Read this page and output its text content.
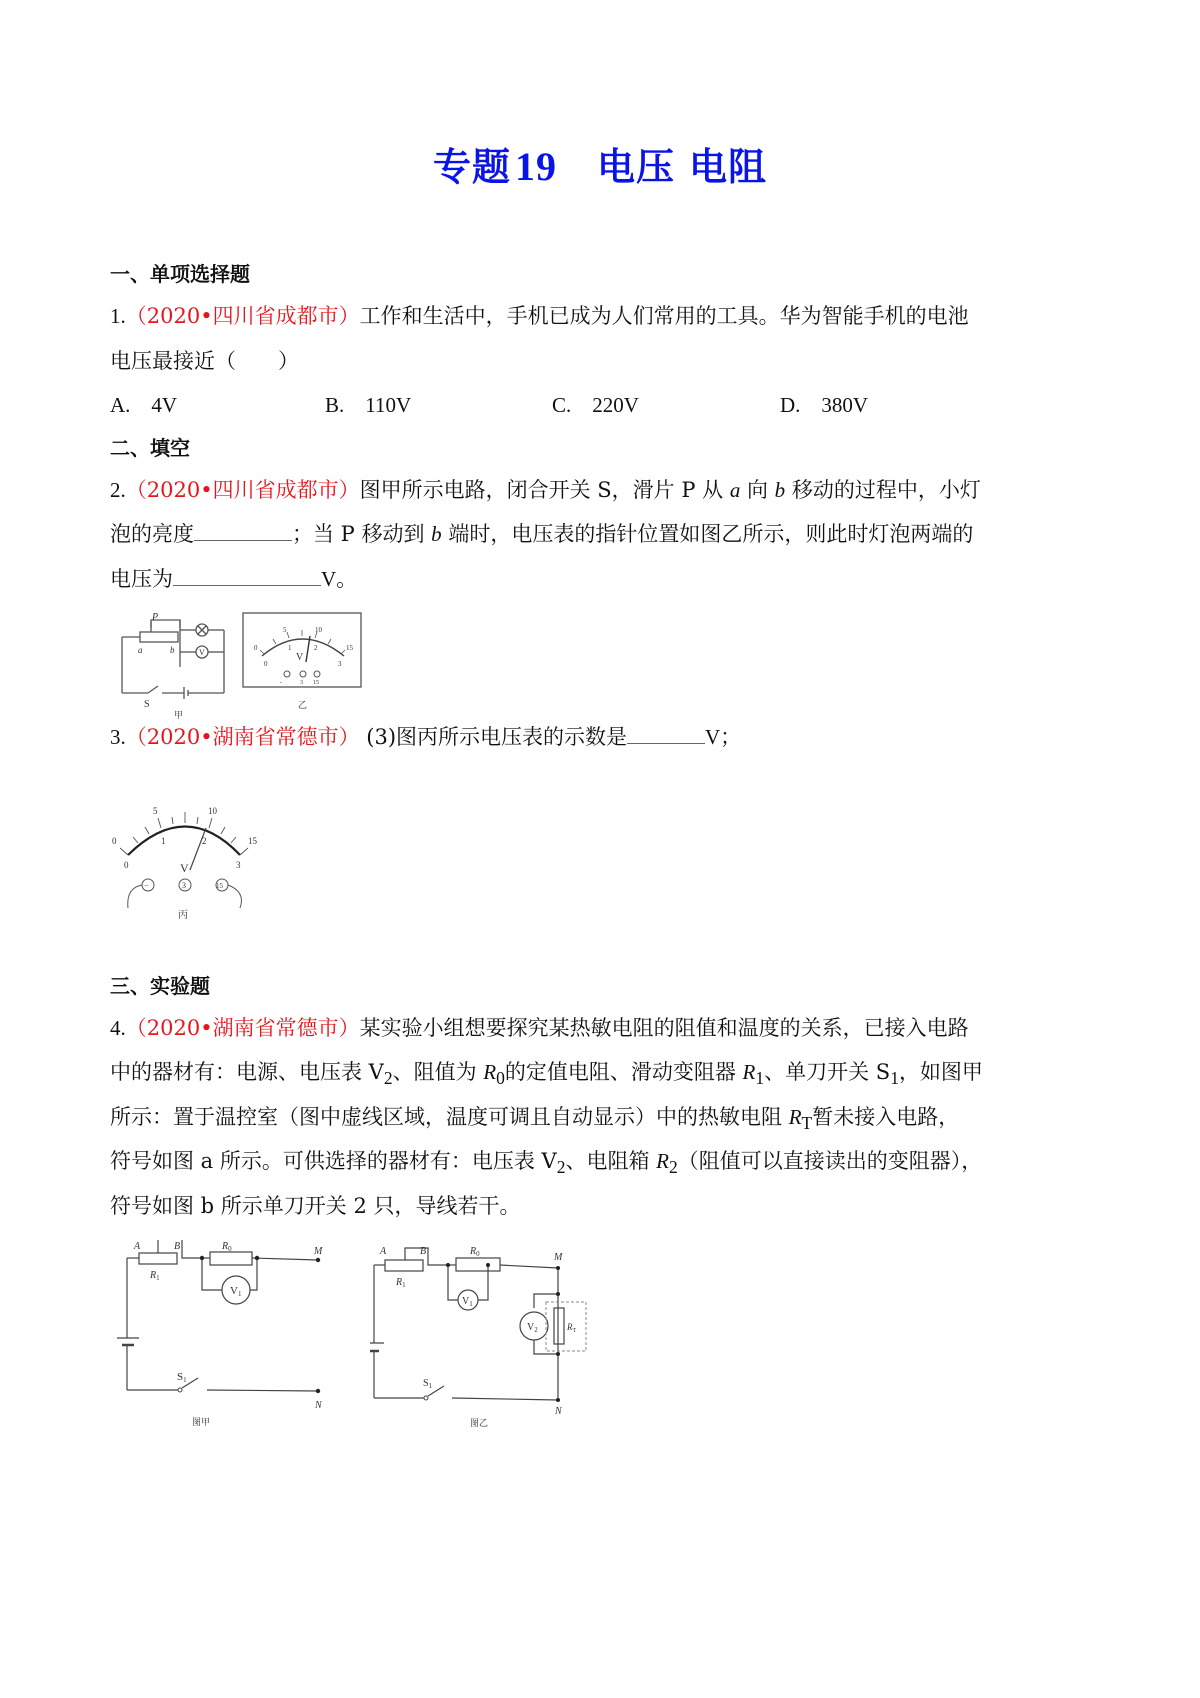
专题 19 电压 电阻
一、单项选择题
1.（2020•四川省成都市）工作和生活中，手机已成为人们常用的工具。华为智能手机的电池
电压最接近（　　）
A.　4V	B.　110V	C.　220V	D.　380V
二、填空
2.（2020•四川省成都市）图甲所示电路，闭合开关 S，滑片 P 从 a 向 b 移动的过程中，小灯
泡的亮度	；当 P 移动到 b 端时，电压表的指针位置如图乙所示，则此时灯泡两端的
电压为	V。
P
a	b
S
V
甲
0
5	10
15
0
1	2
3
V
-	3 15
乙
3.（2020•湖南省常德市） (3)图丙所示电压表的示数是	V；
0
5	10
15
0
1	2
3
V
−	3	15
丙
三、实验题
4.（2020•湖南省常德市）某实验小组想要探究某热敏电阻的阻值和温度的关系，已接入电路
中的器材有：电源、电压表 $V_2$、阻值为 $R_0$的定值电阻、滑动变阻器 $R_1$、单刀开关 $S_1$，如图甲
所示：置于温控室（图中虚线区域，温度可调且自动显示）中的热敏电阻 $R_T$暂未接入电路，
符号如图 a 所示。可供选择的器材有：电压表 $V_2$、电阻箱 $R_2$（阻值可以直接读出的变阻器），
符号如图 b 所示单刀开关 2 只，导线若干。
A	B
$R_1$
$R_0$
V1
S1
M
N
图甲
A	B
$R_1$
$R_0$
$V_1$
$V_2$	$R_T$
$S_1$
M
N
图乙
